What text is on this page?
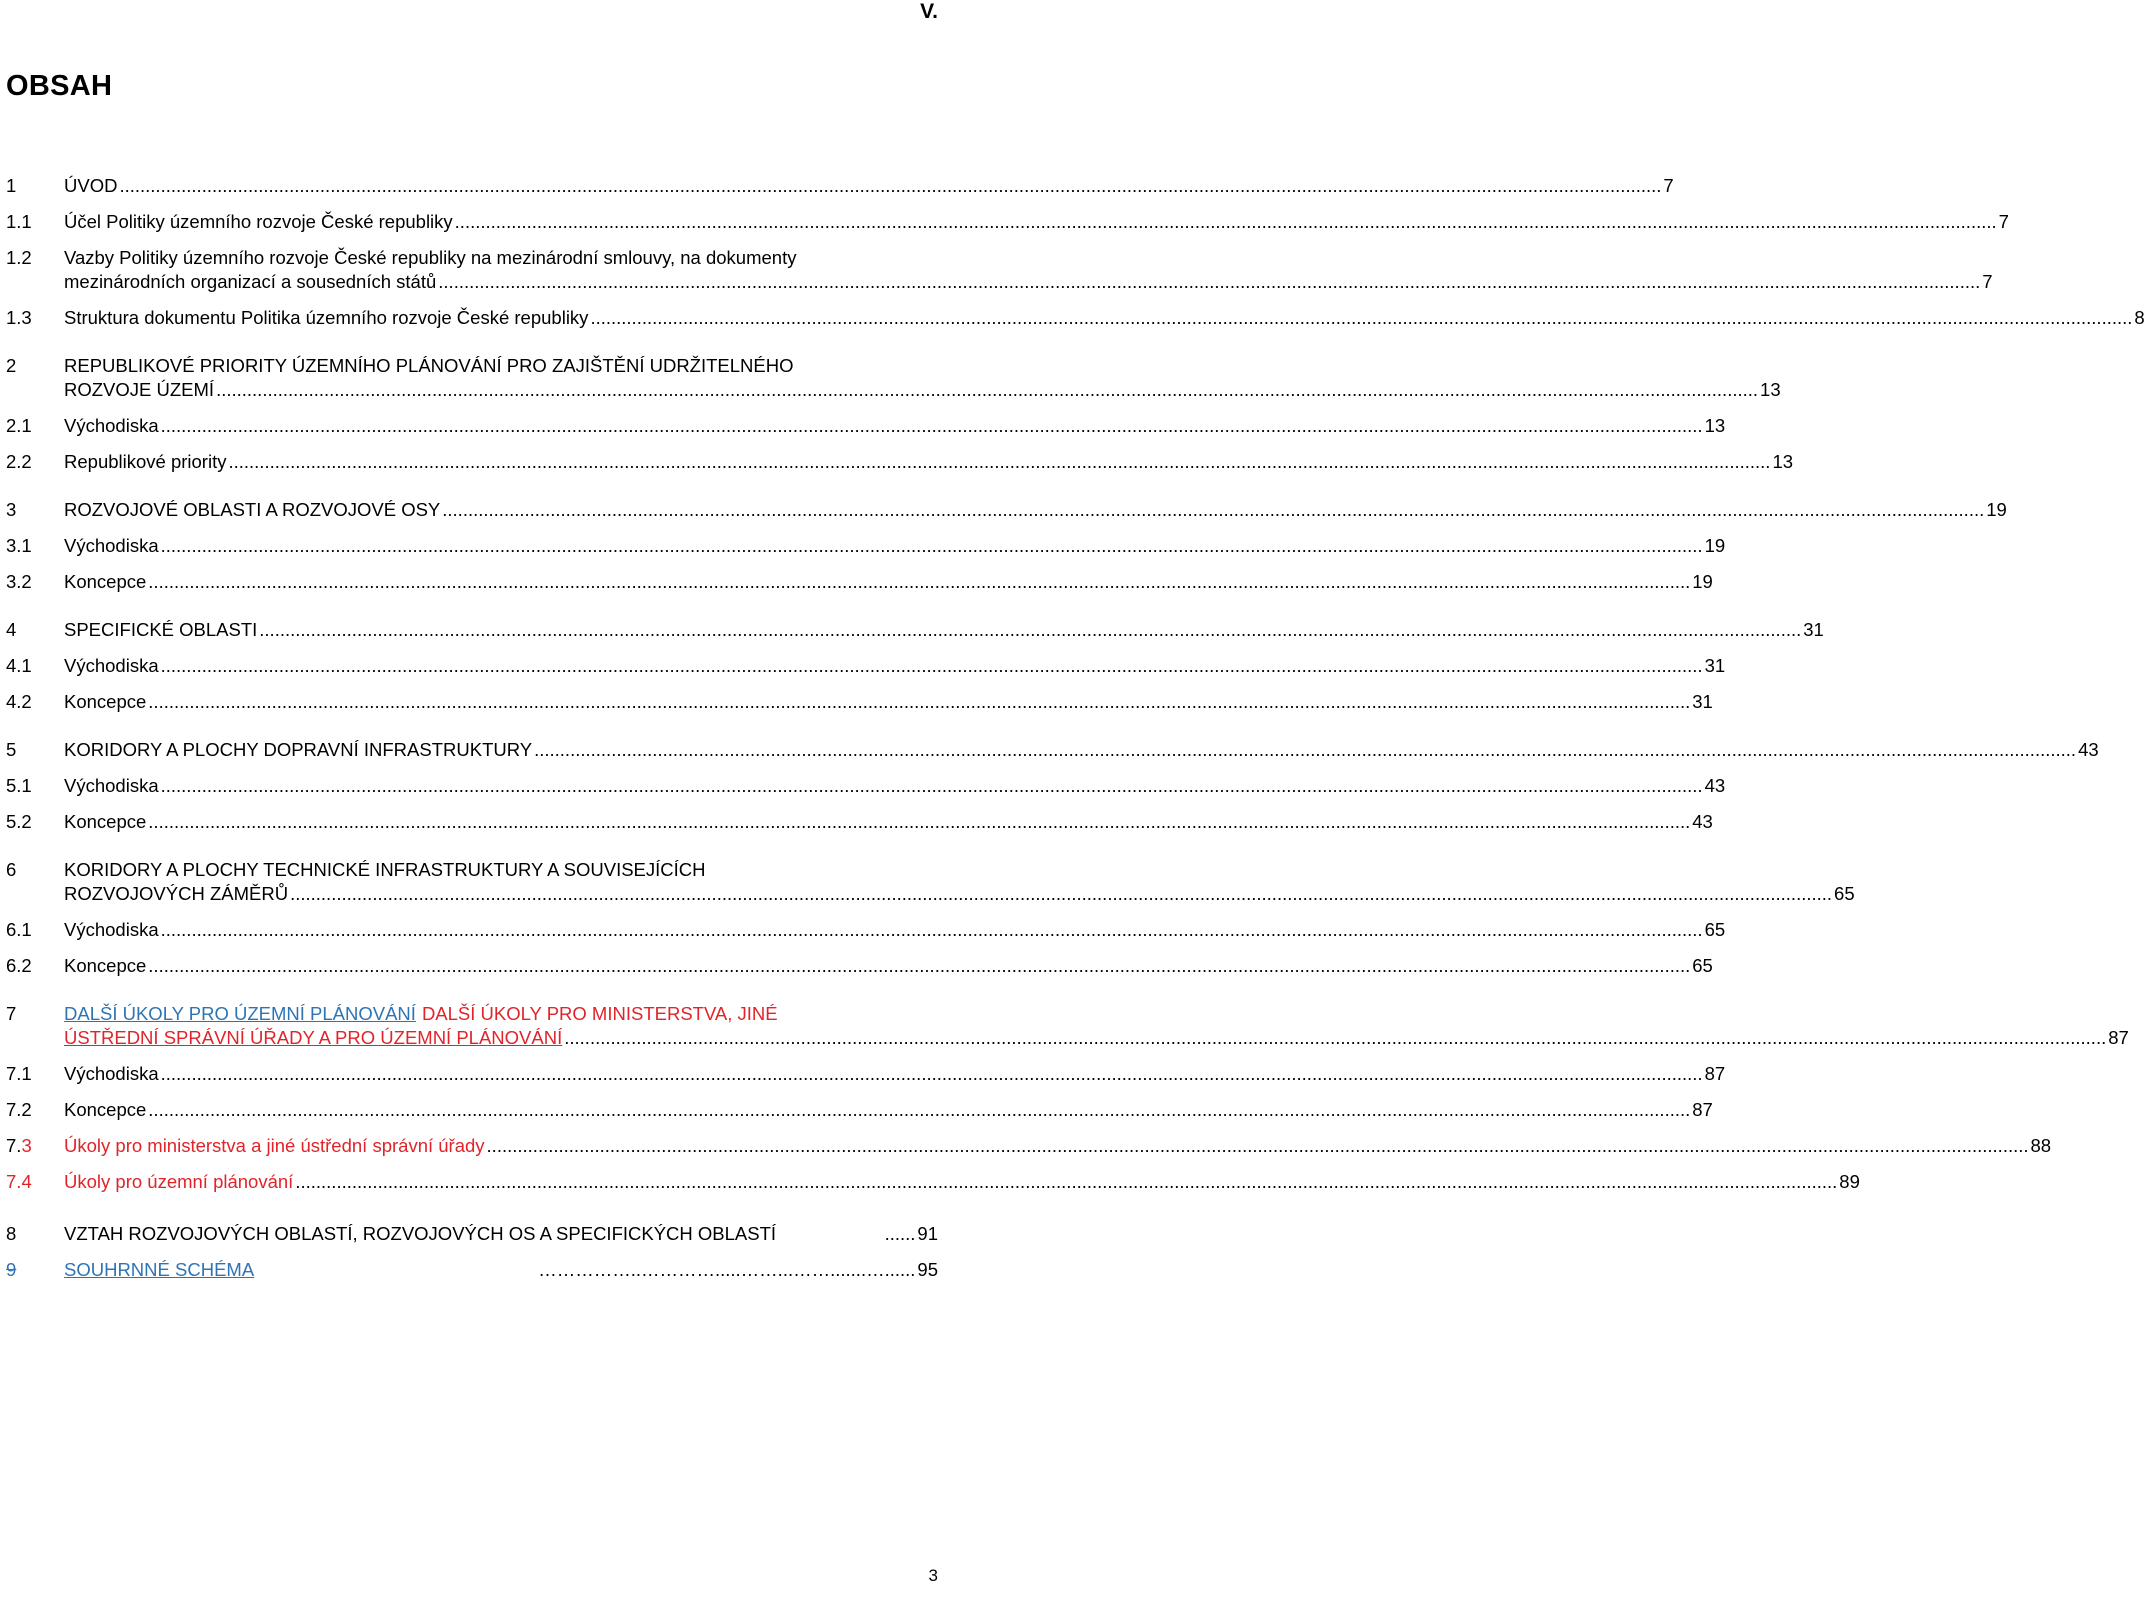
V.
OBSAH
1	ÚVOD ............................................................................................................................................................................................................................................................................................................ 7
1.1 Účel Politiky územního rozvoje České republiky ............................................................................................................................................................................................................................................................................................................ 7
1.2 Vazby Politiky územního rozvoje České republiky na mezinárodní smlouvy, na dokumenty
mezinárodních organizací a sousedních států ............................................................................................................................................................................................................................................................................................................ 7
1.3 Struktura dokumentu Politika územního rozvoje České republiky ............................................................................................................................................................................................................................................................................................................ 8
2	REPUBLIKOVÉ PRIORITY ÚZEMNÍHO PLÁNOVÁNÍ PRO ZAJIŠTĚNÍ UDRŽITELNÉHO
ROZVOJE ÚZEMÍ ............................................................................................................................................................................................................................................................................................................ 13
2.1 Východiska ............................................................................................................................................................................................................................................................................................................ 13
2.2 Republikové priority ............................................................................................................................................................................................................................................................................................................ 13
3	ROZVOJOVÉ OBLASTI A ROZVOJOVÉ OSY ............................................................................................................................................................................................................................................................................................................ 19
3.1 Východiska ............................................................................................................................................................................................................................................................................................................ 19
3.2 Koncepce ............................................................................................................................................................................................................................................................................................................ 19
4	SPECIFICKÉ OBLASTI ............................................................................................................................................................................................................................................................................................................ 31
4.1 Východiska ............................................................................................................................................................................................................................................................................................................ 31
4.2 Koncepce ............................................................................................................................................................................................................................................................................................................ 31
5	KORIDORY A PLOCHY DOPRAVNÍ INFRASTRUKTURY ............................................................................................................................................................................................................................................................................................................ 43
5.1 Východiska ............................................................................................................................................................................................................................................................................................................ 43
5.2 Koncepce ............................................................................................................................................................................................................................................................................................................ 43
6	KORIDORY A PLOCHY TECHNICKÉ INFRASTRUKTURY A SOUVISEJÍCÍCH
ROZVOJOVÝCH ZÁMĚRŮ ............................................................................................................................................................................................................................................................................................................ 65
6.1 Východiska ............................................................................................................................................................................................................................................................................................................ 65
6.2 Koncepce ............................................................................................................................................................................................................................................................................................................ 65
7	DALŠÍ ÚKOLY PRO ÚZEMNÍ PLÁNOVÁNÍ DALŠÍ ÚKOLY PRO MINISTERSTVA, JINÉ
ÚSTŘEDNÍ SPRÁVNÍ ÚŘADY A PRO ÚZEMNÍ PLÁNOVÁNÍ ............................................................................................................................................................................................................................................................................................................ 87
7.1 Východiska ............................................................................................................................................................................................................................................................................................................ 87
7.2 Koncepce ............................................................................................................................................................................................................................................................................................................ 87
7.3 Úkoly pro ministerstva a jiné ústřední správní úřady ............................................................................................................................................................................................................................................................................................................ 88
7.4 Úkoly pro územní plánování ............................................................................................................................................................................................................................................................................................................ 89
8	VZTAH ROZVOJOVÝCH OBLASTÍ, ROZVOJOVÝCH OS A SPECIFICKÝCH OBLASTÍ	...... 91
9	SOUHRNNÉ SCHÉMA	……………..………….....……...…….......…...... 95
3
